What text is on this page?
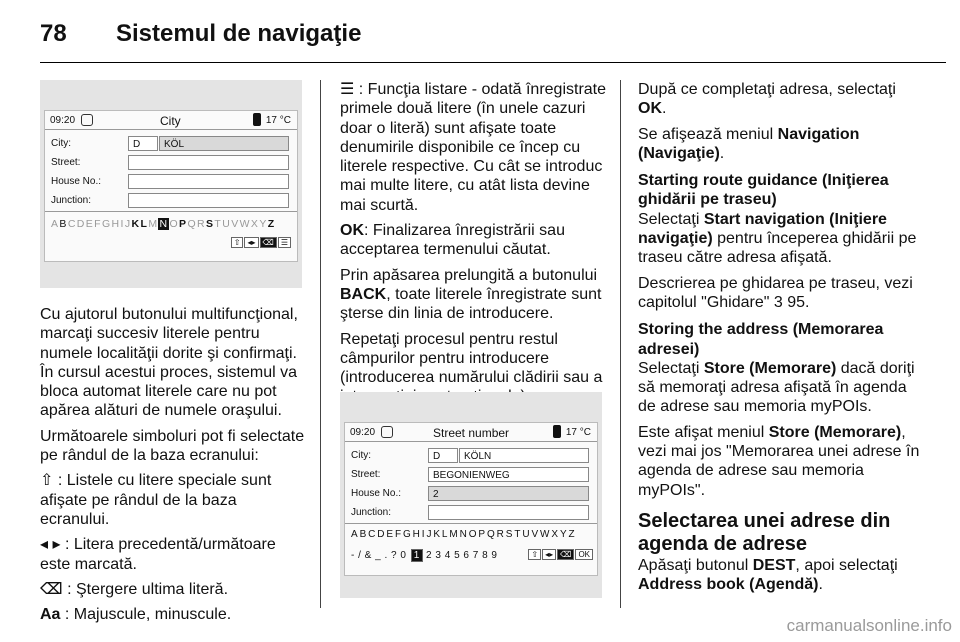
78 Sistemul de navigaţie
09:20	City	17 °C
City:	D	KÖL
Street:
House No.:
Junction:
ABCDEFGHIJKLMNOPQRSTUVWXYZ
⇧ ◂▸ ⌫ ☰

Cu ajutorul butonului multifuncţional, marcaţi succesiv literele pentru numele localităţii dorite şi confirmaţi. În cursul acestui proces, sistemul va bloca automat literele care nu pot apărea alături de numele oraşului.

Următoarele simboluri pot fi selectate pe rândul de la baza ecranului:

⇧ : Listele cu litere speciale sunt afişate pe rândul de la baza ecranului.

◂ ▸ : Litera precedentă/următoare este marcată.

⌫ : Ştergere ultima literă.

Aa : Majuscule, minuscule.

☰ : Funcţia listare - odată înregistrate primele două litere (în unele cazuri doar o literă) sunt afişate toate denumirile disponibile ce încep cu literele respective. Cu cât se introduc mai multe litere, cu atât lista devine mai scurtă.

OK: Finalizarea înregistrării sau acceptarea termenului căutat.

Prin apăsarea prelungită a butonului BACK, toate literele înregistrate sunt şterse din linia de introducere.

Repetaţi procesul pentru restul câmpurilor pentru introducere (introducerea numărului clădirii sau a

09:20	Street number	17 °C
City:	D	KÖLN
Street:	BEGONIENWEG
House No.:	2
Junction:
ABCDEFGHIJKLMNOPQRSTUVWXYZ
- / & _ . ? 0 1 2 3 4 5 6 7 8 9	⇧ ◂▸ ⌫ OK

După ce completaţi adresa, selectaţi OK.

Se afişează meniul Navigation (Navigaţie).

Starting route guidance (Iniţierea ghidării pe traseu)

Selectaţi Start navigation (Iniţiere navigaţie) pentru începerea ghidării pe traseu către adresa afişată.

Descrierea pe ghidarea pe traseu, vezi capitolul "Ghidare" 3 95.

Storing the address (Memorarea adresei)

Selectaţi Store (Memorare) dacă doriţi să memoraţi adresa afişată în agenda de adrese sau memoria myPOIs.

Este afişat meniul Store (Memorare), vezi mai jos "Memorarea unei adrese în agenda de adrese sau memoria myPOIs".

Selectarea unei adrese din agenda de adrese

Apăsaţi butonul DEST, apoi selectaţi Address book (Agendă).

carmanualsonline.info
